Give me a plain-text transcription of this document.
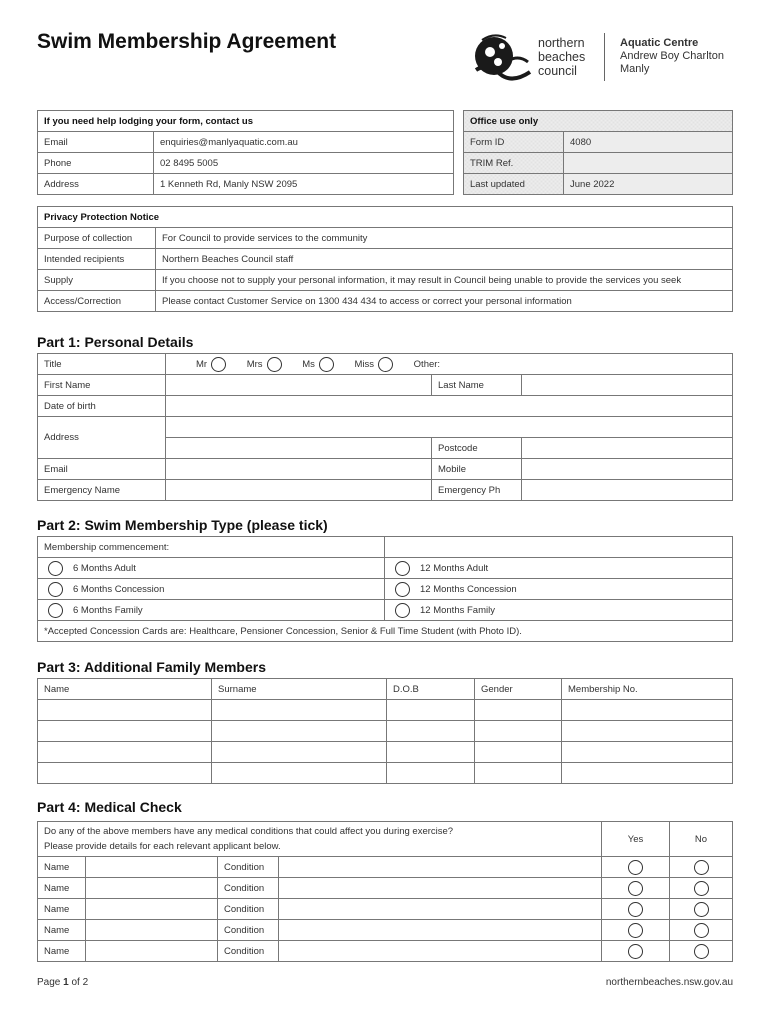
Swim Membership Agreement	northern
beaches
council
Aquatic Centre
Andrew Boy Charlton
Manly
If you need help lodging your form, contact us	
Email	enquiries@manlyaquatic.com.au
Phone	02 8495 5005
Address	1 Kenneth Rd, Manly NSW 2095
Office use only	
Form ID	4080
TRIM Ref.	
Last updated	June 2022
Privacy Protection Notice	
Purpose of collection	For Council to provide services to the community
Intended recipients	Northern Beaches Council staff
Supply	If you choose not to supply your personal information, it may result in Council being unable to provide the services you seek
Access/Correction	Please contact Customer Service on 1300 434 434 to access or correct your personal information
Part 1: Personal Details
Title	Mr Mrs Ms Miss Other:		
First Name		Last Name	
Date of birth			
Address			
		Postcode	
Email		Mobile	
Emergency Name		Emergency Ph	
Part 2: Swim Membership Type (please tick)
Membership commencement:	
6 Months Adult	12 Months Adult
6 Months Concession	12 Months Concession
6 Months Family	12 Months Family
*Accepted Concession Cards are: Healthcare, Pensioner Concession, Senior & Full Time Student (with Photo ID).	
Part 3: Additional Family Members
Name	Surname	D.O.B	Gender	Membership No.

Part 4: Medical Check
Do any of the above members have any medical conditions that could affect you during exercise?
Please provide details for each relevant applicant below.				Yes	No
Name		Condition			
Name		Condition			
Name		Condition			
Name		Condition			
Name		Condition			
Page 1 of 2	northernbeaches.nsw.gov.au
